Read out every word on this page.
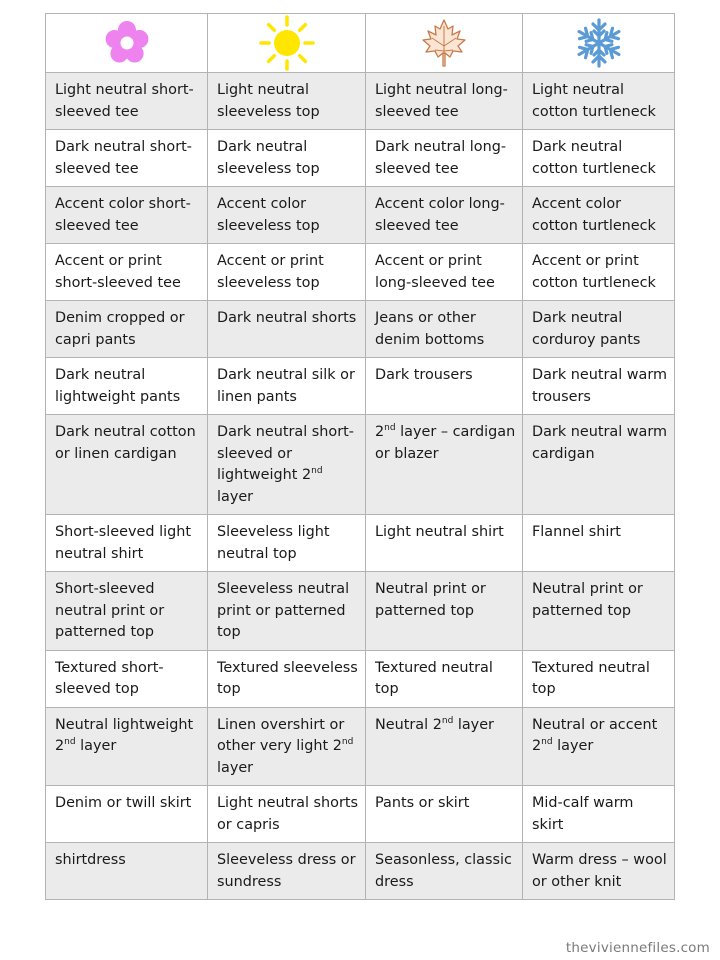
Light neutral short-sleeved tee	Light neutral sleeveless top	Light neutral long-sleeved tee	Light neutral cotton turtleneck
Dark neutral short-sleeved tee	Dark neutral sleeveless top	Dark neutral long-sleeved tee	Dark neutral cotton turtleneck
Accent color short-sleeved tee	Accent color sleeveless top	Accent color long-sleeved tee	Accent color cotton turtleneck
Accent or print short-sleeved tee	Accent or print sleeveless top	Accent or print long-sleeved tee	Accent or print cotton turtleneck
Denim cropped or capri pants	Dark neutral shorts	Jeans or other denim bottoms	Dark neutral corduroy pants
Dark neutral lightweight pants	Dark neutral silk or linen pants	Dark trousers	Dark neutral warm trousers
Dark neutral cotton or linen cardigan	Dark neutral short-sleeved or lightweight 2nd layer	2nd layer – cardigan or blazer	Dark neutral warm cardigan
Short-sleeved light neutral shirt	Sleeveless light neutral top	Light neutral shirt	Flannel shirt
Short-sleeved neutral print or patterned top	Sleeveless neutral print or patterned top	Neutral print or patterned top	Neutral print or patterned top
Textured short-sleeved top	Textured sleeveless top	Textured neutral top	Textured neutral top
Neutral lightweight 2nd layer	Linen overshirt or other very light 2nd layer	Neutral 2nd layer	Neutral or accent 2nd layer
Denim or twill skirt	Light neutral shorts or capris	Pants or skirt	Mid-calf warm skirt
shirtdress	Sleeveless dress or sundress	Seasonless, classic dress	Warm dress – wool or other knit
theviviennefiles.com
